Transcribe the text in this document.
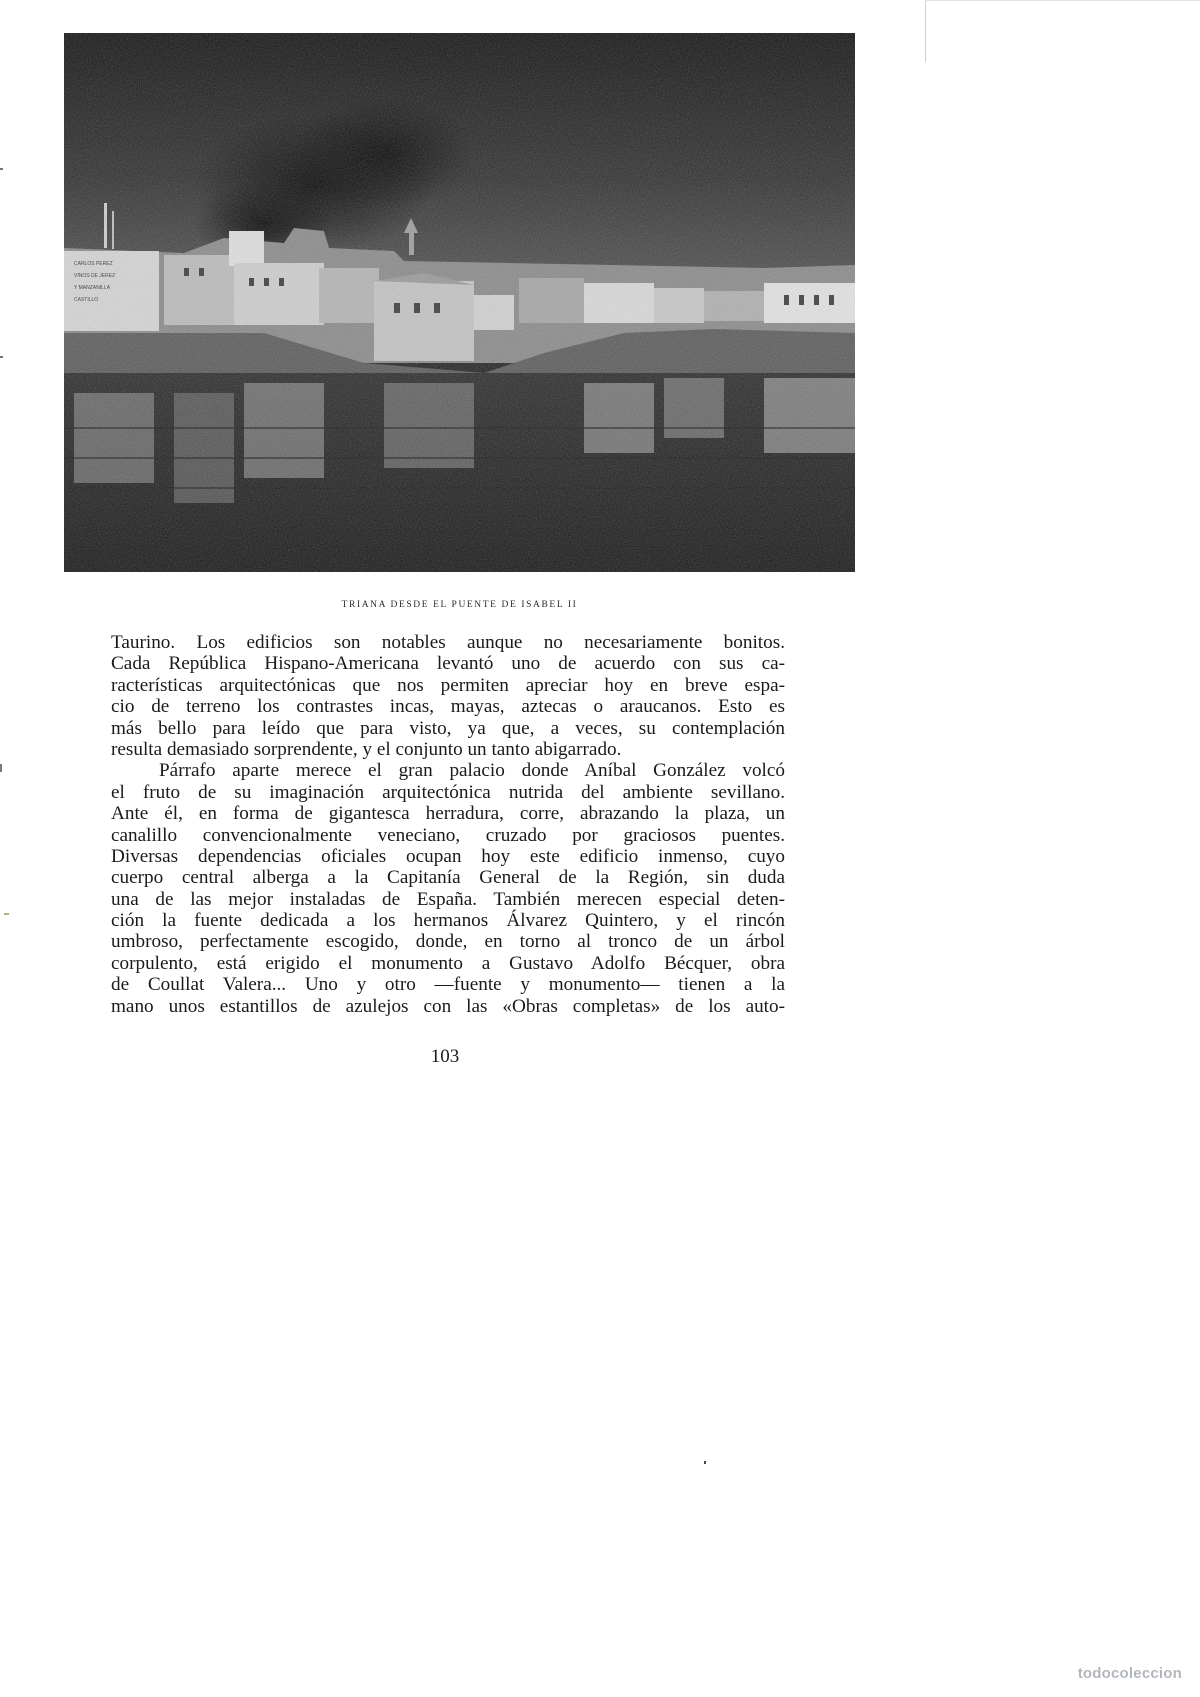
TRIANA DESDE EL PUENTE DE ISABEL II
Taurino. Los edificios son notables aunque no necesariamente bonitos.
Cada República Hispano-Americana levantó uno de acuerdo con sus ca-
racterísticas arquitectónicas que nos permiten apreciar hoy en breve espa-
cio de terreno los contrastes incas, mayas, aztecas o araucanos. Esto es
más bello para leído que para visto, ya que, a veces, su contemplación
resulta demasiado sorprendente, y el conjunto un tanto abigarrado.
Párrafo aparte merece el gran palacio donde Aníbal González volcó
el fruto de su imaginación arquitectónica nutrida del ambiente sevillano.
Ante él, en forma de gigantesca herradura, corre, abrazando la plaza, un
canalillo convencionalmente veneciano, cruzado por graciosos puentes.
Diversas dependencias oficiales ocupan hoy este edificio inmenso, cuyo
cuerpo central alberga a la Capitanía General de la Región, sin duda
una de las mejor instaladas de España. También merecen especial deten-
ción la fuente dedicada a los hermanos Álvarez Quintero, y el rincón
umbroso, perfectamente escogido, donde, en torno al tronco de un árbol
corpulento, está erigido el monumento a Gustavo Adolfo Bécquer, obra
de Coullat Valera... Uno y otro —fuente y monumento— tienen a la
mano unos estantillos de azulejos con las «Obras completas» de los auto-
103
todocoleccion
